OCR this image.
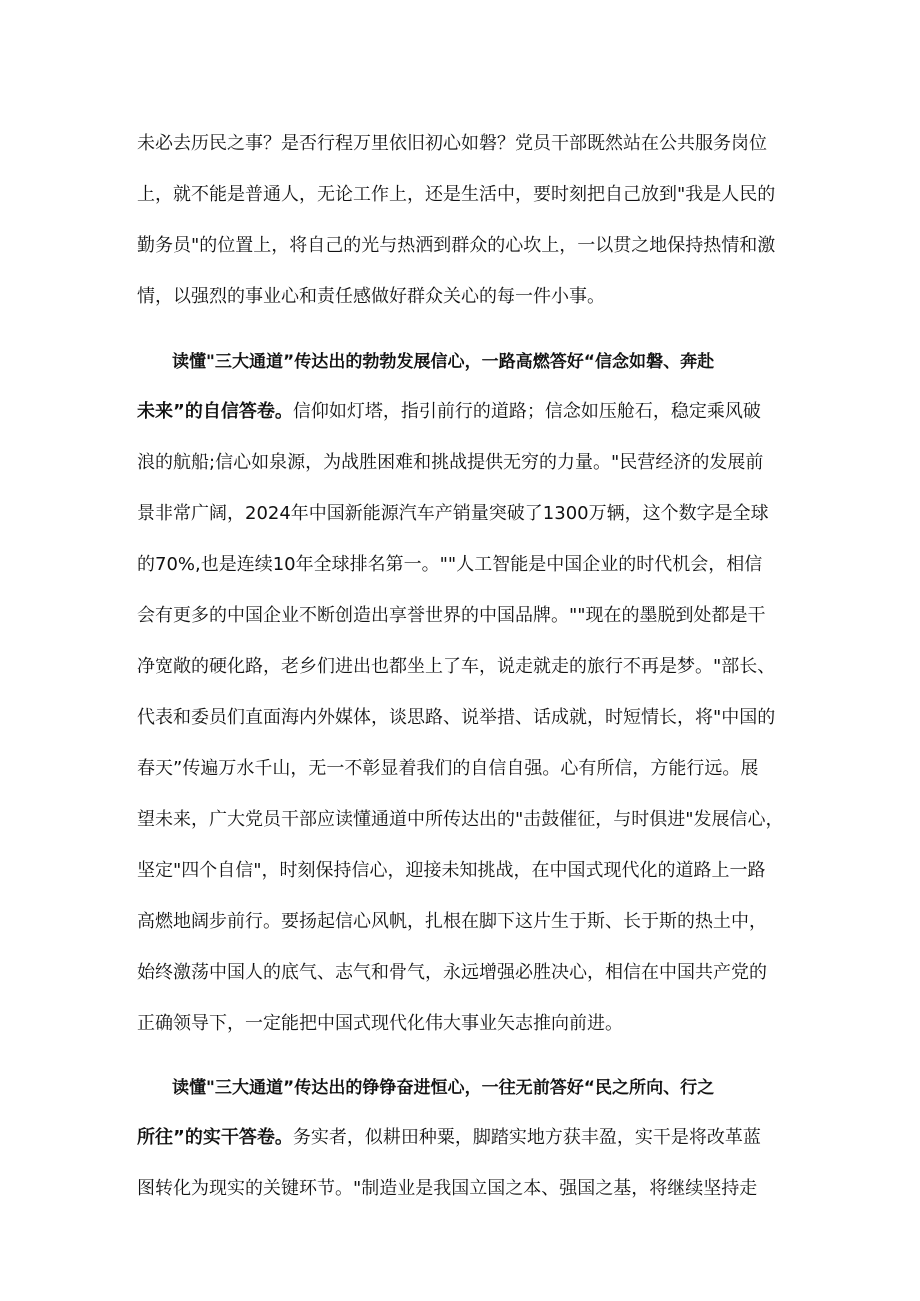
未必去历民之事？是否行程万里依旧初心如磐？党员干部既然站在公共服务岗位
上，就不能是普通人，无论工作上，还是生活中，要时刻把自己放到"我是人民的
勤务员"的位置上，将自己的光与热洒到群众的心坎上，一以贯之地保持热情和激
情，以强烈的事业心和责任感做好群众关心的每一件小事。
读懂"三大通道”传达出的勃勃发展信心，一路高燃答好“信念如磐、奔赴
未来”的自信答卷。信仰如灯塔，指引前行的道路；信念如压舱石，稳定乘风破
浪的航船;信心如泉源，为战胜困难和挑战提供无穷的力量。"民营经济的发展前
景非常广阔，2024年中国新能源汽车产销量突破了1300万辆，这个数字是全球
的70%,也是连续10年全球排名第一。""人工智能是中国企业的时代机会，相信
会有更多的中国企业不断创造出享誉世界的中国品牌。""现在的墨脱到处都是干
净宽敞的硬化路，老乡们进出也都坐上了车，说走就走的旅行不再是梦。"部长、
代表和委员们直面海内外媒体，谈思路、说举措、话成就，时短情长，将"中国的
春天”传遍万水千山，无一不彰显着我们的自信自强。心有所信，方能行远。展
望未来，广大党员干部应读懂通道中所传达出的"击鼓催征，与时俱进"发展信心，
坚定"四个自信"，时刻保持信心，迎接未知挑战，在中国式现代化的道路上一路
高燃地阔步前行。要扬起信心风帆，扎根在脚下这片生于斯、长于斯的热土中，
始终激荡中国人的底气、志气和骨气，永远增强必胜决心，相信在中国共产党的
正确领导下，一定能把中国式现代化伟大事业矢志推向前进。
读懂"三大通道”传达出的铮铮奋进恒心，一往无前答好“民之所向、行之
所往”的实干答卷。务实者，似耕田种粟，脚踏实地方获丰盈，实干是将改革蓝
图转化为现实的关键环节。"制造业是我国立国之本、强国之基，将继续坚持走
